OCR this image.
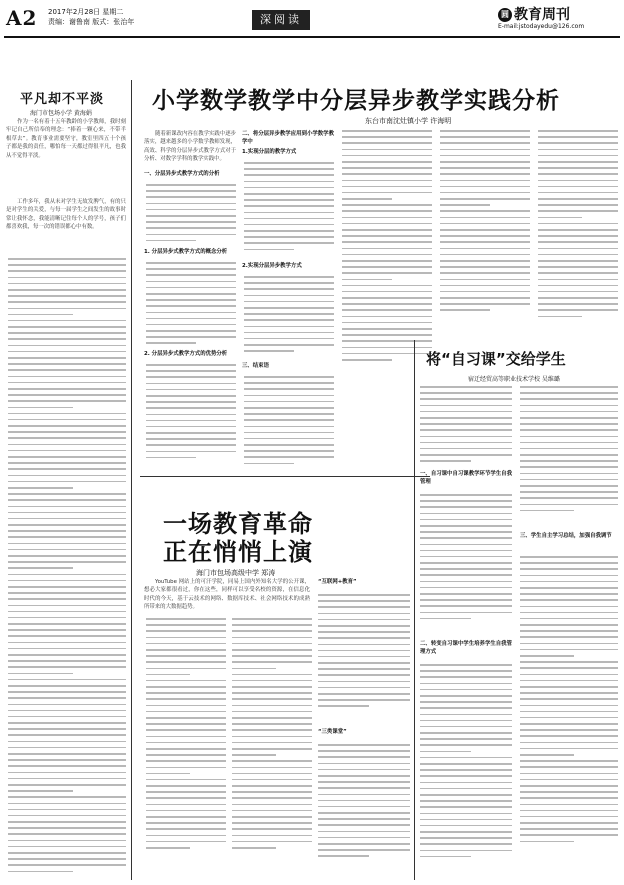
A2 2017年2月28日 星期二
责编：谢鲁南 版式：张治年	深阅读	圆 教育周刊
E-mail:jstodayedu@126.com
平凡却不平淡
海门市包场小学 黄海娟
作为一名有着十五年教龄的小学教师，我时刻牢记自己所信奉的理念：“捧着一颗心来，不带半根草去”。教育事业需要坚守，教室里四五十个孩子都是我的责任，哪怕每一天都过得很平凡，也我从不觉得平淡。
工作多年，我从未对学生无故发脾气，有的只是对学生的关爱，与每一届学生之间发生的故事时常让我怀念，我能清晰记住每个人的学号，孩子们都喜欢我，每一次的错误都心中有数。
小学数学教学中分层异步教学实践分析
东台市南沈灶镇小学 许海明
随着新课改内容在教学实践中逐步落实，越来越多的小学数学教师发现，高效、科学的分层异步式教学方式对于分析、对数学学科的教学实践中。
一、分层异步式教学方式的分析
1. 分层异步式教学方式的概念分析
2. 分层异步式教学方式的优势分析
二、将分层异步教学应用到小学数学教学中
1.实现分层的教学方式
2.实现分层异步教学方式
三、结束语
一场教育革命
正在悄悄上演
海门市包场高级中学 郑涛
YouTube 网站上的可汗学院，同易上国内外知名大学的公开课，想必大家都很看过，你在这些，同样可以享受名校的资源，在信息化时代的今天，基于云技术的网络、数据库技术、社会网络技术的成熟所带来的大数据趋势。
“互联网+教育”
“三类课堂”
将“自习课”交给学生
宿迁经贸高等职业技术学校 吴维璐
一、自习课中自习课教学环节学生自我管理
二、转变自习课中学生培养学生自我管理方式
三、学生自主学习总结，加强自我调节
